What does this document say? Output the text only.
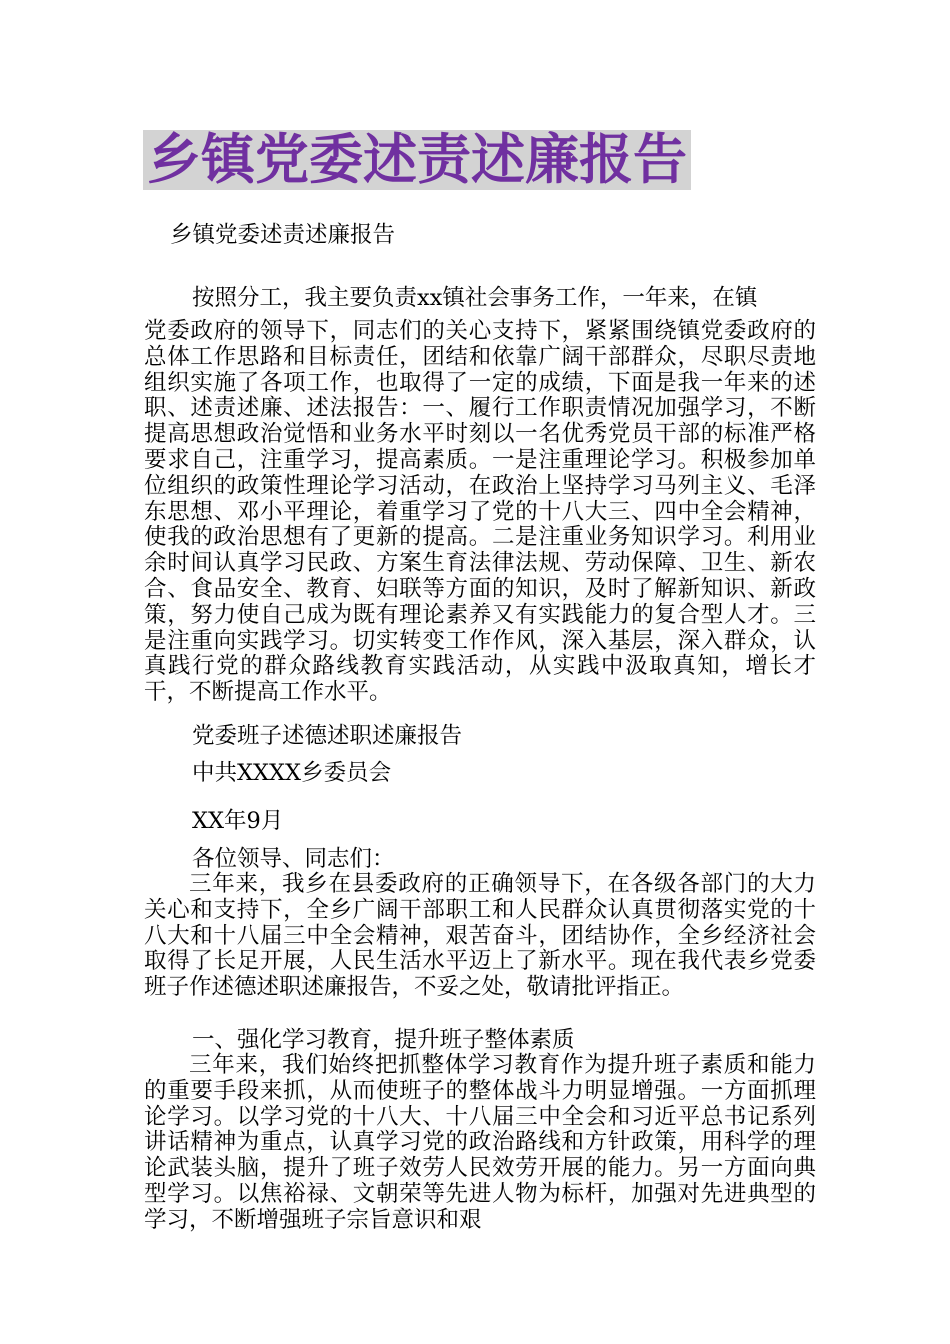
乡镇党委述责述廉报告
乡镇党委述责述廉报告
按照分工，我主要负责xx镇社会事务工作，一年来，在镇
党委政府的领导下，同志们的关心支持下，紧紧围绕镇党委政府的总体工作思路和目标责任，团结和依靠广阔干部群众，尽职尽责地组织实施了各项工作，也取得了一定的成绩，下面是我一年来的述职、述责述廉、述法报告：一、履行工作职责情况加强学习，不断提高思想政治觉悟和业务水平时刻以一名优秀党员干部的标准严格要求自己，注重学习，提高素质。一是注重理论学习。积极参加单位组织的政策性理论学习活动，在政治上坚持学习马列主义、毛泽东思想、邓小平理论，着重学习了党的十八大三、四中全会精神，使我的政治思想有了更新的提高。二是注重业务知识学习。利用业余时间认真学习民政、方案生育法律法规、劳动保障、卫生、新农合、食品安全、教育、妇联等方面的知识，及时了解新知识、新政策，努力使自己成为既有理论素养又有实践能力的复合型人才。三是注重向实践学习。切实转变工作作风，深入基层，深入群众，认真践行党的群众路线教育实践活动，从实践中汲取真知，增长才干，不断提高工作水平。
党委班子述德述职述廉报告
中共XXXX乡委员会
XX年9月
各位领导、同志们：
三年来，我乡在县委政府的正确领导下，在各级各部门的大力关心和支持下，全乡广阔干部职工和人民群众认真贯彻落实党的十八大和十八届三中全会精神，艰苦奋斗，团结协作，全乡经济社会取得了长足开展，人民生活水平迈上了新水平。现在我代表乡党委班子作述德述职述廉报告，不妥之处，敬请批评指正。
一、强化学习教育，提升班子整体素质
三年来，我们始终把抓整体学习教育作为提升班子素质和能力的重要手段来抓，从而使班子的整体战斗力明显增强。一方面抓理论学习。以学习党的十八大、十八届三中全会和习近平总书记系列讲话精神为重点，认真学习党的政治路线和方针政策，用科学的理论武装头脑，提升了班子效劳人民效劳开展的能力。另一方面向典型学习。以焦裕禄、文朝荣等先进人物为标杆，加强对先进典型的学习，不断增强班子宗旨意识和艰
